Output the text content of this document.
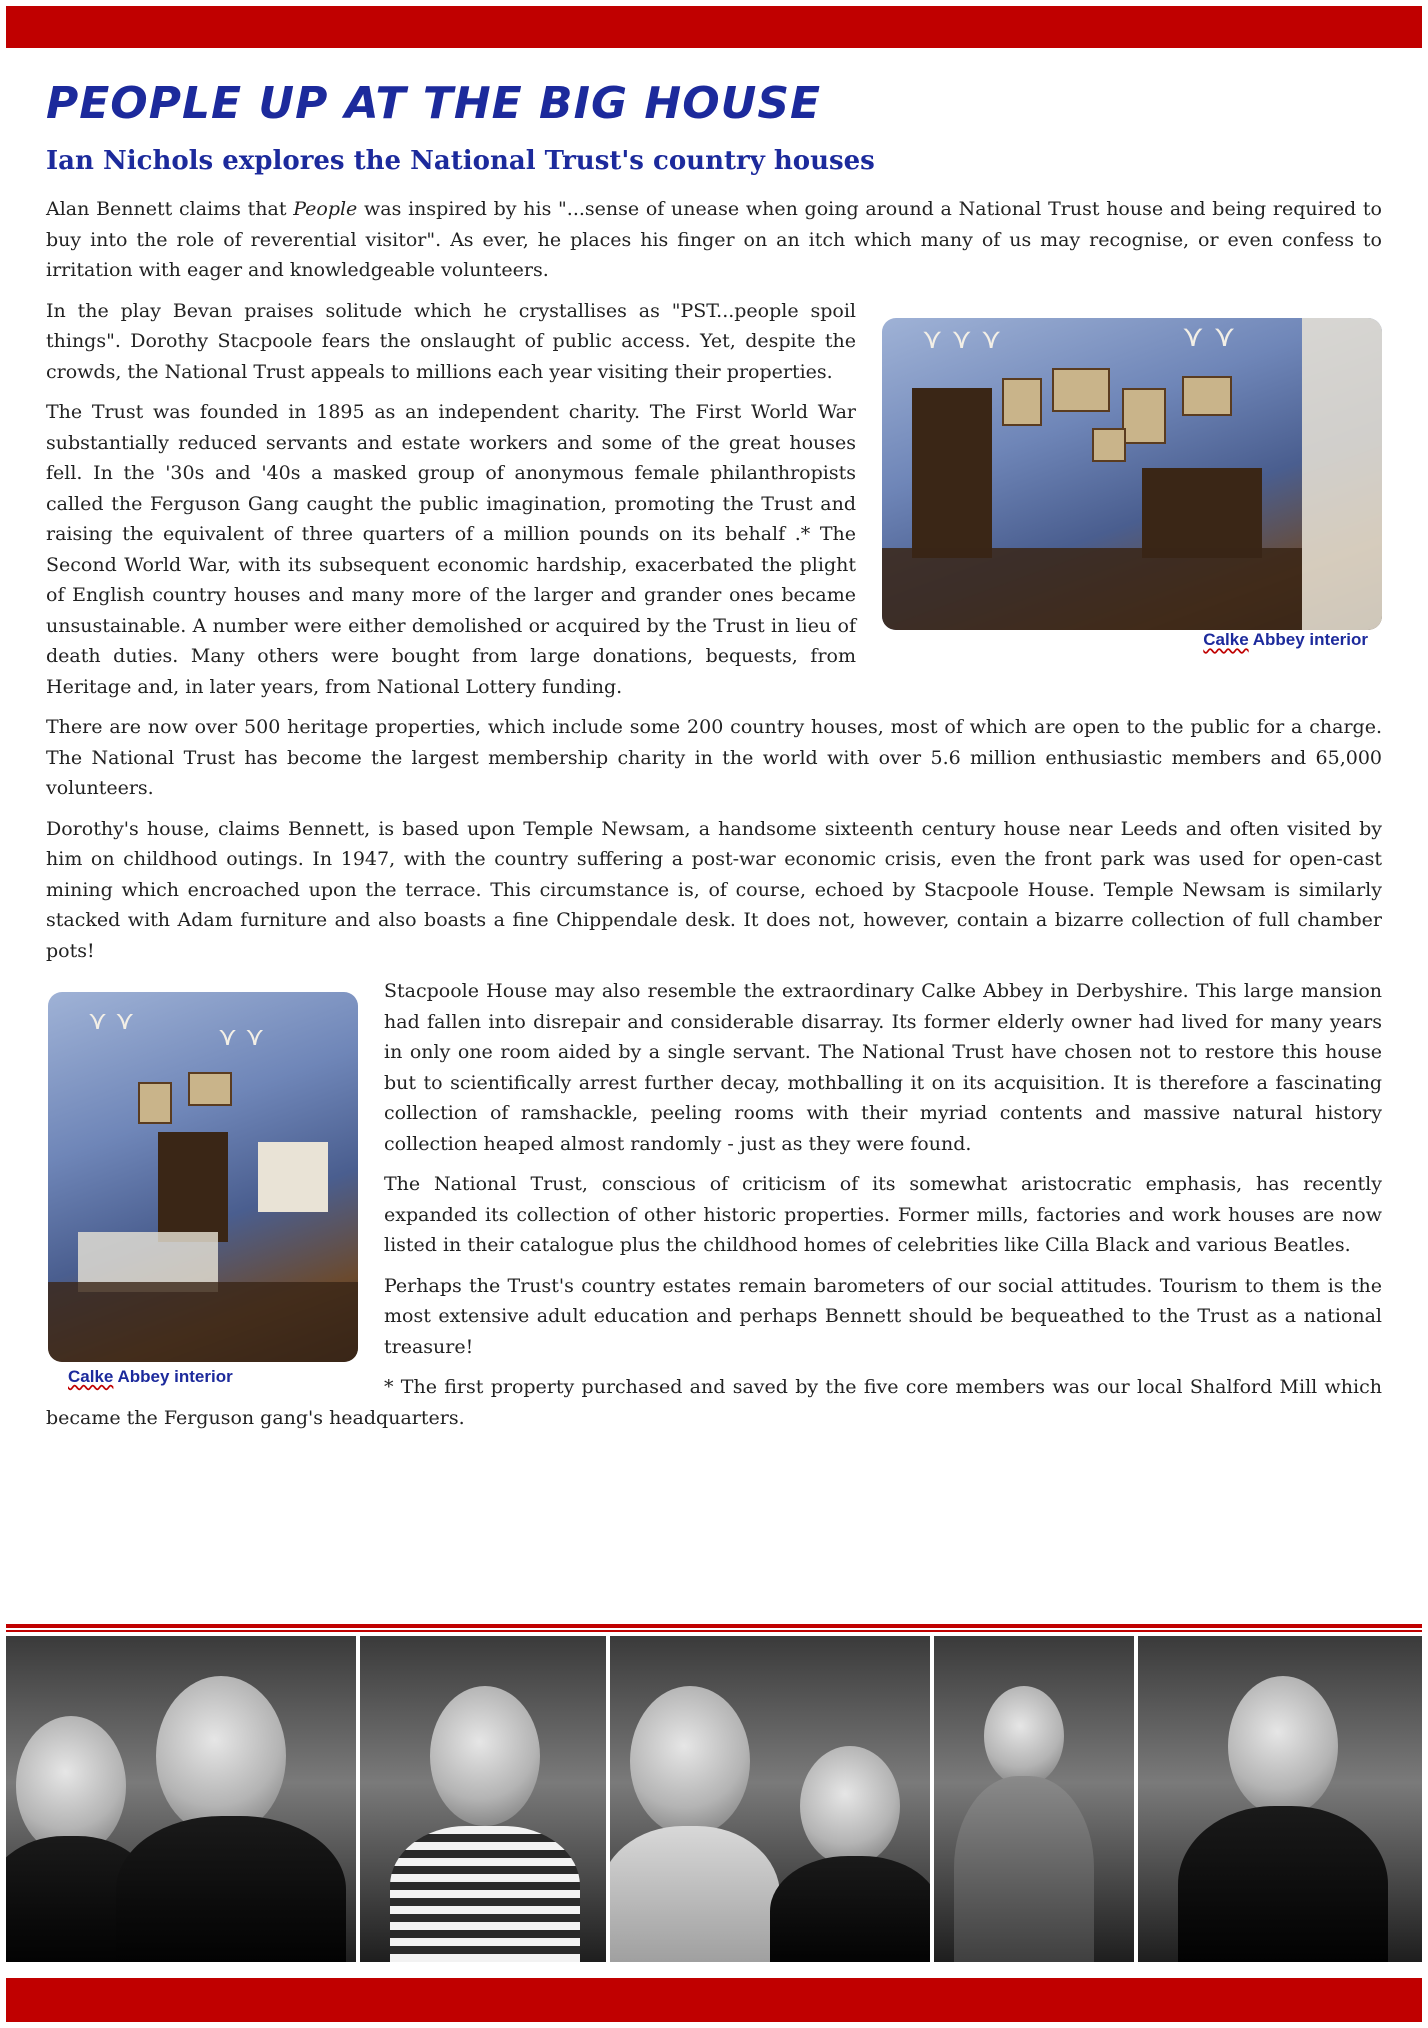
PEOPLE UP AT THE BIG HOUSE
Ian Nichols explores the National Trust's country houses

Alan Bennett claims that People was inspired by his "...sense of unease when going around a National Trust house and being required to buy into the role of reverential visitor". As ever, he places his finger on an itch which many of us may recognise, or even confess to irritation with eager and knowledgeable volunteers.

⋎ ⋎ ⋎	⋎ ⋎
Calke Abbey interior

In the play Bevan praises solitude which he crystallises as "PST...people spoil things". Dorothy Stacpoole fears the onslaught of public access. Yet, despite the crowds, the National Trust appeals to millions each year visiting their properties.

The Trust was founded in 1895 as an independent charity. The First World War substantially reduced servants and estate workers and some of the great houses fell. In the '30s and '40s a masked group of anonymous female philanthropists called the Ferguson Gang caught the public imagination, promoting the Trust and raising the equivalent of three quarters of a million pounds on its behalf .* The Second World War, with its subsequent economic hardship, exacerbated the plight of English country houses and many more of the larger and grander ones became unsustainable. A number were either demolished or acquired by the Trust in lieu of death duties. Many others were bought from large donations, bequests, from Heritage and, in later years, from National Lottery funding.

There are now over 500 heritage properties, which include some 200 country houses, most of which are open to the public for a charge. The National Trust has become the largest membership charity in the world with over 5.6 million enthusiastic members and 65,000 volunteers.

Dorothy's house, claims Bennett, is based upon Temple Newsam, a handsome sixteenth century house near Leeds and often visited by him on childhood outings. In 1947, with the country suffering a post-war economic crisis, even the front park was used for open-cast mining which encroached upon the terrace. This circumstance is, of course, echoed by Stacpoole House. Temple Newsam is similarly stacked with Adam furniture and also boasts a fine Chippendale desk. It does not, however, contain a bizarre collection of full chamber pots!

⋎ ⋎
⋎ ⋎
Calke Abbey interior

Stacpoole House may also resemble the extraordinary Calke Abbey in Derbyshire. This large mansion had fallen into disrepair and considerable disarray. Its former elderly owner had lived for many years in only one room aided by a single servant. The National Trust have chosen not to restore this house but to scientifically arrest further decay, mothballing it on its acquisition. It is therefore a fascinating collection of ramshackle, peeling rooms with their myriad contents and massive natural history collection heaped almost randomly - just as they were found.

The National Trust, conscious of criticism of its somewhat aristocratic emphasis, has recently expanded its collection of other historic properties. Former mills, factories and work houses are now listed in their catalogue plus the childhood homes of celebrities like Cilla Black and various Beatles.

Perhaps the Trust's country estates remain barometers of our social attitudes. Tourism to them is the most extensive adult education and perhaps Bennett should be bequeathed to the Trust as a national treasure!

* The first property purchased and saved by the five core members was our local Shalford Mill which became the Ferguson gang's headquarters.
